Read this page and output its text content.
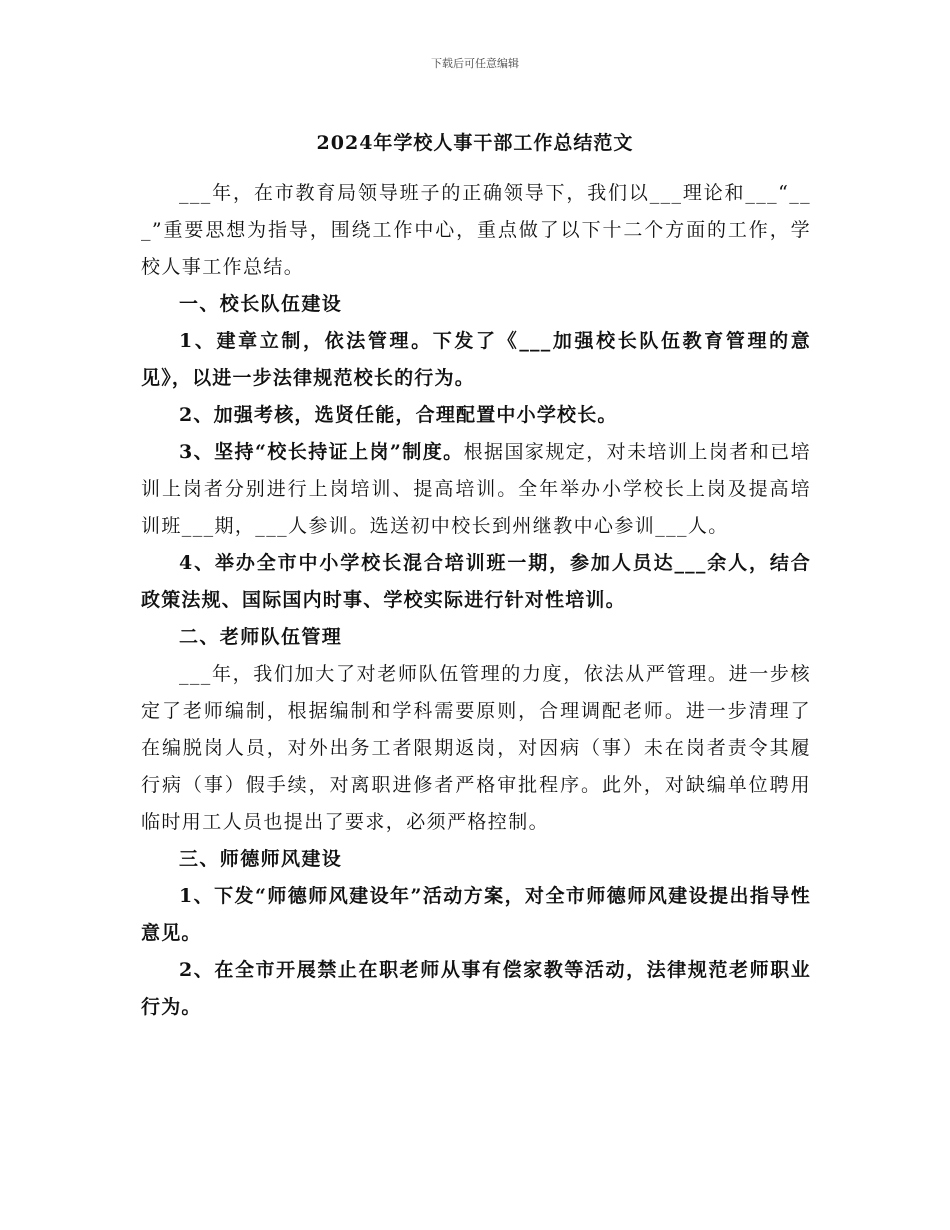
下载后可任意编辑
2024年学校人事干部工作总结范文

___年，在市教育局领导班子的正确领导下，我们以___理论和___“___”重要思想为指导，围绕工作中心，重点做了以下十二个方面的工作，学校人事工作总结。

一、校长队伍建设

1、建章立制，依法管理。下发了《___加强校长队伍教育管理的意见》，以进一步法律规范校长的行为。

2、加强考核，选贤任能，合理配置中小学校长。

3、坚持“校长持证上岗”制度。根据国家规定，对未培训上岗者和已培训上岗者分别进行上岗培训、提高培训。全年举办小学校长上岗及提高培训班___期，___人参训。选送初中校长到州继教中心参训___人。

4、举办全市中小学校长混合培训班一期，参加人员达___余人，结合政策法规、国际国内时事、学校实际进行针对性培训。

二、老师队伍管理

___年，我们加大了对老师队伍管理的力度，依法从严管理。进一步核定了老师编制，根据编制和学科需要原则，合理调配老师。进一步清理了在编脱岗人员，对外出务工者限期返岗，对因病（事）未在岗者责令其履行病（事）假手续，对离职进修者严格审批程序。此外，对缺编单位聘用临时用工人员也提出了要求，必须严格控制。

三、师德师风建设

1、下发“师德师风建设年”活动方案，对全市师德师风建设提出指导性意见。

2、在全市开展禁止在职老师从事有偿家教等活动，法律规范老师职业行为。
